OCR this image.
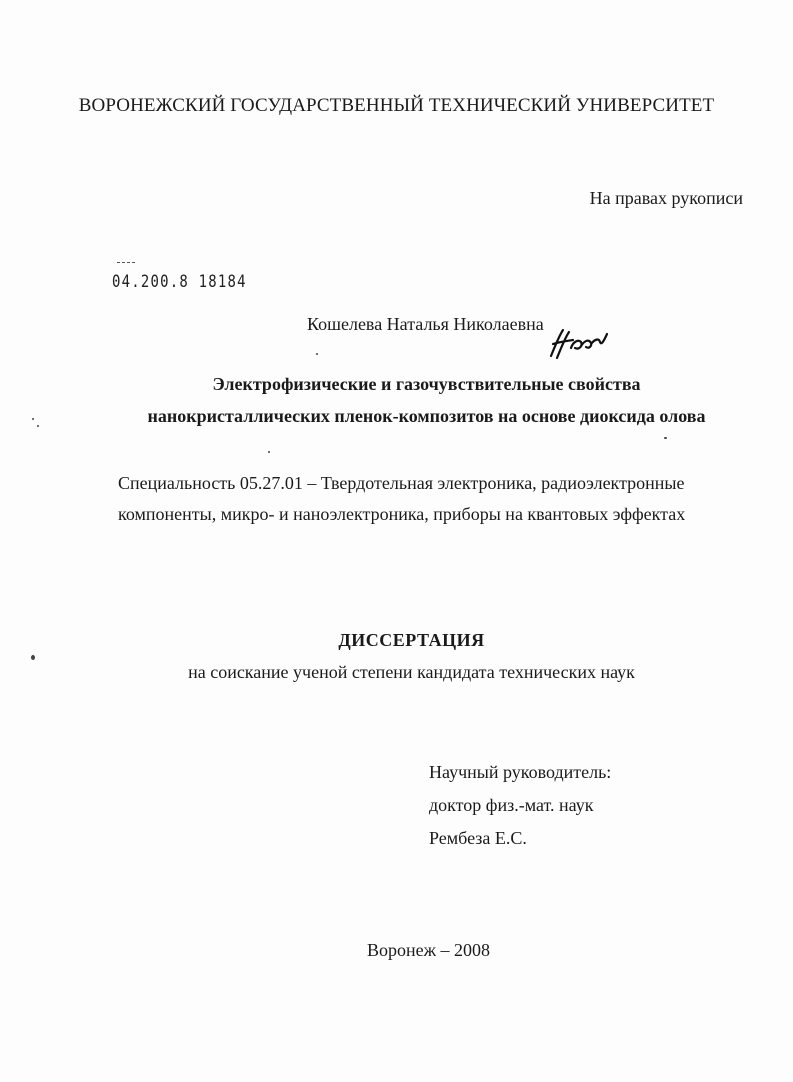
ВОРОНЕЖСКИЙ ГОСУДАРСТВЕННЫЙ ТЕХНИЧЕСКИЙ УНИВЕРСИТЕТ
На правах рукописи
04.200.8 18184
Кошелева Наталья Николаевна
Электрофизические и газочувствительные свойства
нанокристаллических пленок-композитов на основе диоксида олова
Специальность 05.27.01 – Твердотельная электроника, радиоэлектронные
компоненты, микро- и наноэлектроника, приборы на квантовых эффектах
ДИССЕРТАЦИЯ
на соискание ученой степени кандидата технических наук
Научный руководитель:
доктор физ.-мат. наук
Рембеза Е.С.
Воронеж – 2008
